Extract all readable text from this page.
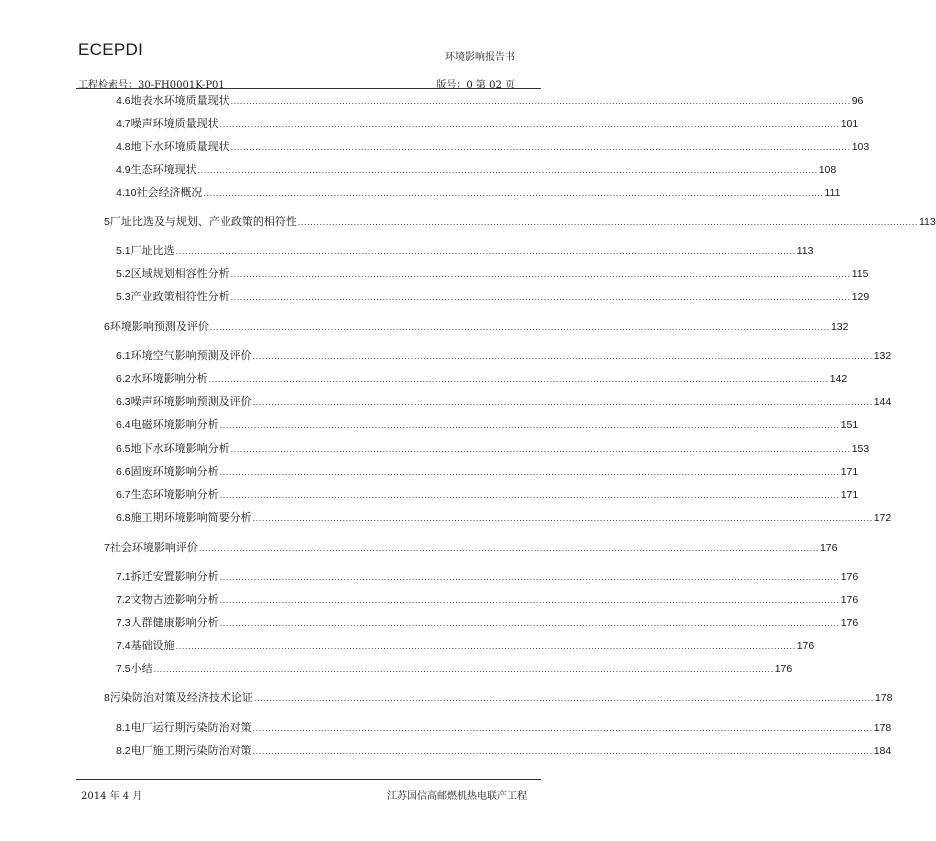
ECEPDI	环境影响报告书
工程检索号：30-FH0001K-P01	版号：0 第 02 页
4.6 地表水环境质量现状 ........................................................................................................................................................................................................ 96
4.7 噪声环境质量现状 ........................................................................................................................................................................................................ 101
4.8 地下水环境质量现状 ........................................................................................................................................................................................................ 103
4.9 生态环境现状 ........................................................................................................................................................................................................ 108
4.10 社会经济概况 ........................................................................................................................................................................................................ 111
5 厂址比选及与规划、产业政策的相符性 ........................................................................................................................................................................................................ 113
5.1 厂址比选 ........................................................................................................................................................................................................ 113
5.2 区域规划相容性分析 ........................................................................................................................................................................................................ 115
5.3 产业政策相符性分析 ........................................................................................................................................................................................................ 129
6 环境影响预测及评价 ........................................................................................................................................................................................................ 132
6.1 环境空气影响预测及评价 ........................................................................................................................................................................................................ 132
6.2 水环境影响分析 ........................................................................................................................................................................................................ 142
6.3 噪声环境影响预测及评价 ........................................................................................................................................................................................................ 144
6.4 电磁环境影响分析 ........................................................................................................................................................................................................ 151
6.5 地下水环境影响分析 ........................................................................................................................................................................................................ 153
6.6 固废环境影响分析 ........................................................................................................................................................................................................ 171
6.7 生态环境影响分析 ........................................................................................................................................................................................................ 171
6.8 施工期环境影响简要分析 ........................................................................................................................................................................................................ 172
7 社会环境影响评价 ........................................................................................................................................................................................................ 176
7.1 拆迁安置影响分析 ........................................................................................................................................................................................................ 176
7.2 文物古迹影响分析 ........................................................................................................................................................................................................ 176
7.3 人群健康影响分析 ........................................................................................................................................................................................................ 176
7.4 基础设施 ........................................................................................................................................................................................................ 176
7.5 小结 ........................................................................................................................................................................................................ 176
8 污染防治对策及经济技术论证 ........................................................................................................................................................................................................ 178
8.1 电厂运行期污染防治对策 ........................................................................................................................................................................................................ 178
8.2 电厂施工期污染防治对策 ........................................................................................................................................................................................................ 184
2014 年 4 月	江苏国信高邮燃机热电联产工程
